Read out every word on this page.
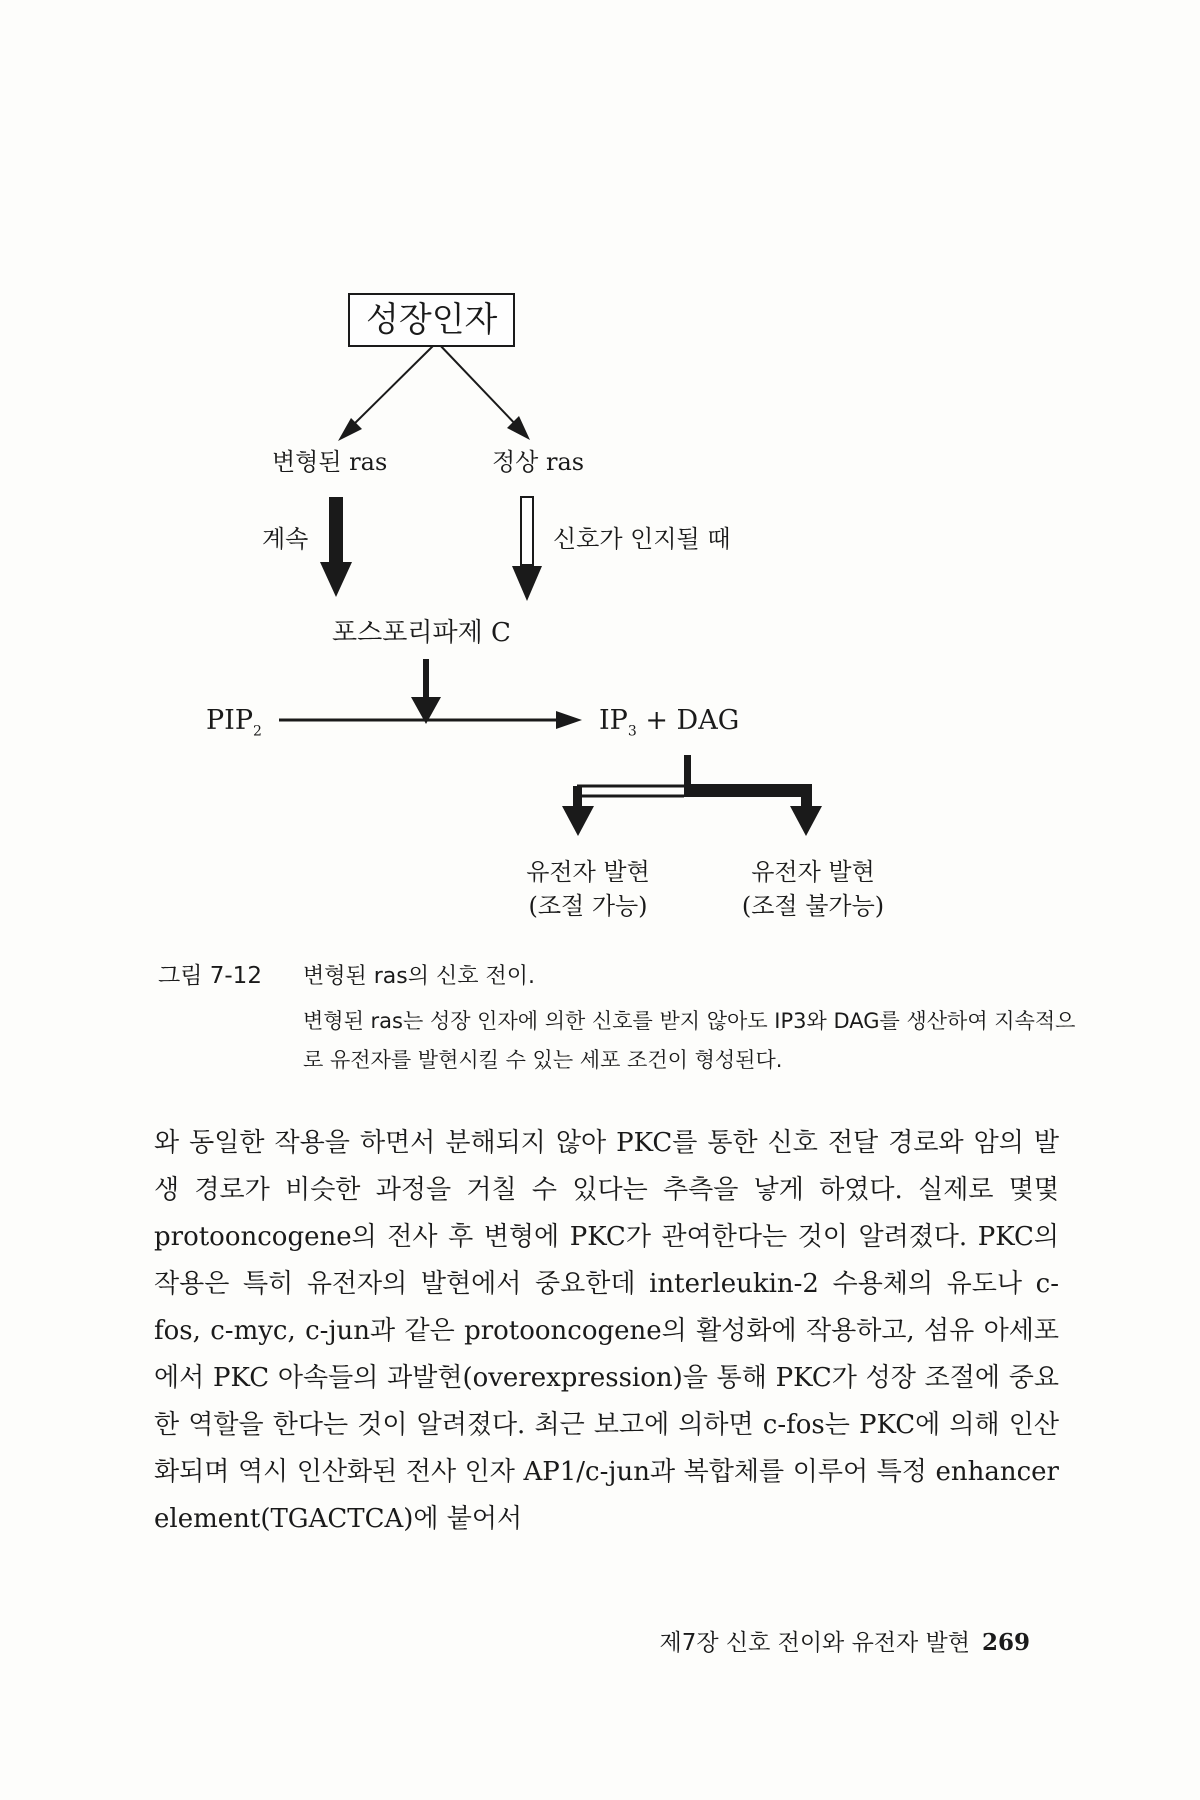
성장인자
변형된 ras	정상 ras
계속	신호가 인지될 때
포스포리파제 C
$PIP_2$	$IP_3$ + DAG
유전자 발현
(조절 가능)
유전자 발현
(조절 불가능)
그림 7-12	변형된 ras의 신호 전이.
변형된 ras는 성장 인자에 의한 신호를 받지 않아도 IP3와 DAG를 생산하여 지속적으로 유전자를 발현시킬 수 있는 세포 조건이 형성된다.

와 동일한 작용을 하면서 분해되지 않아 PKC를 통한 신호 전달 경로와 암의 발생 경로가 비슷한 과정을 거칠 수 있다는 추측을 낳게 하였다. 실제로 몇몇 protooncogene의 전사 후 변형에 PKC가 관여한다는 것이 알려졌다. PKC의 작용은 특히 유전자의 발현에서 중요한데 interleukin-2 수용체의 유도나 c-fos, c-myc, c-jun과 같은 protooncogene의 활성화에 작용하고, 섬유 아세포에서 PKC 아속들의 과발현(overexpression)을 통해 PKC가 성장 조절에 중요한 역할을 한다는 것이 알려졌다. 최근 보고에 의하면 c-fos는 PKC에 의해 인산화되며 역시 인산화된 전사 인자 AP1/c-jun과 복합체를 이루어 특정 enhancer element(TGACTCA)에 붙어서

제7장 신호 전이와 유전자 발현 269
